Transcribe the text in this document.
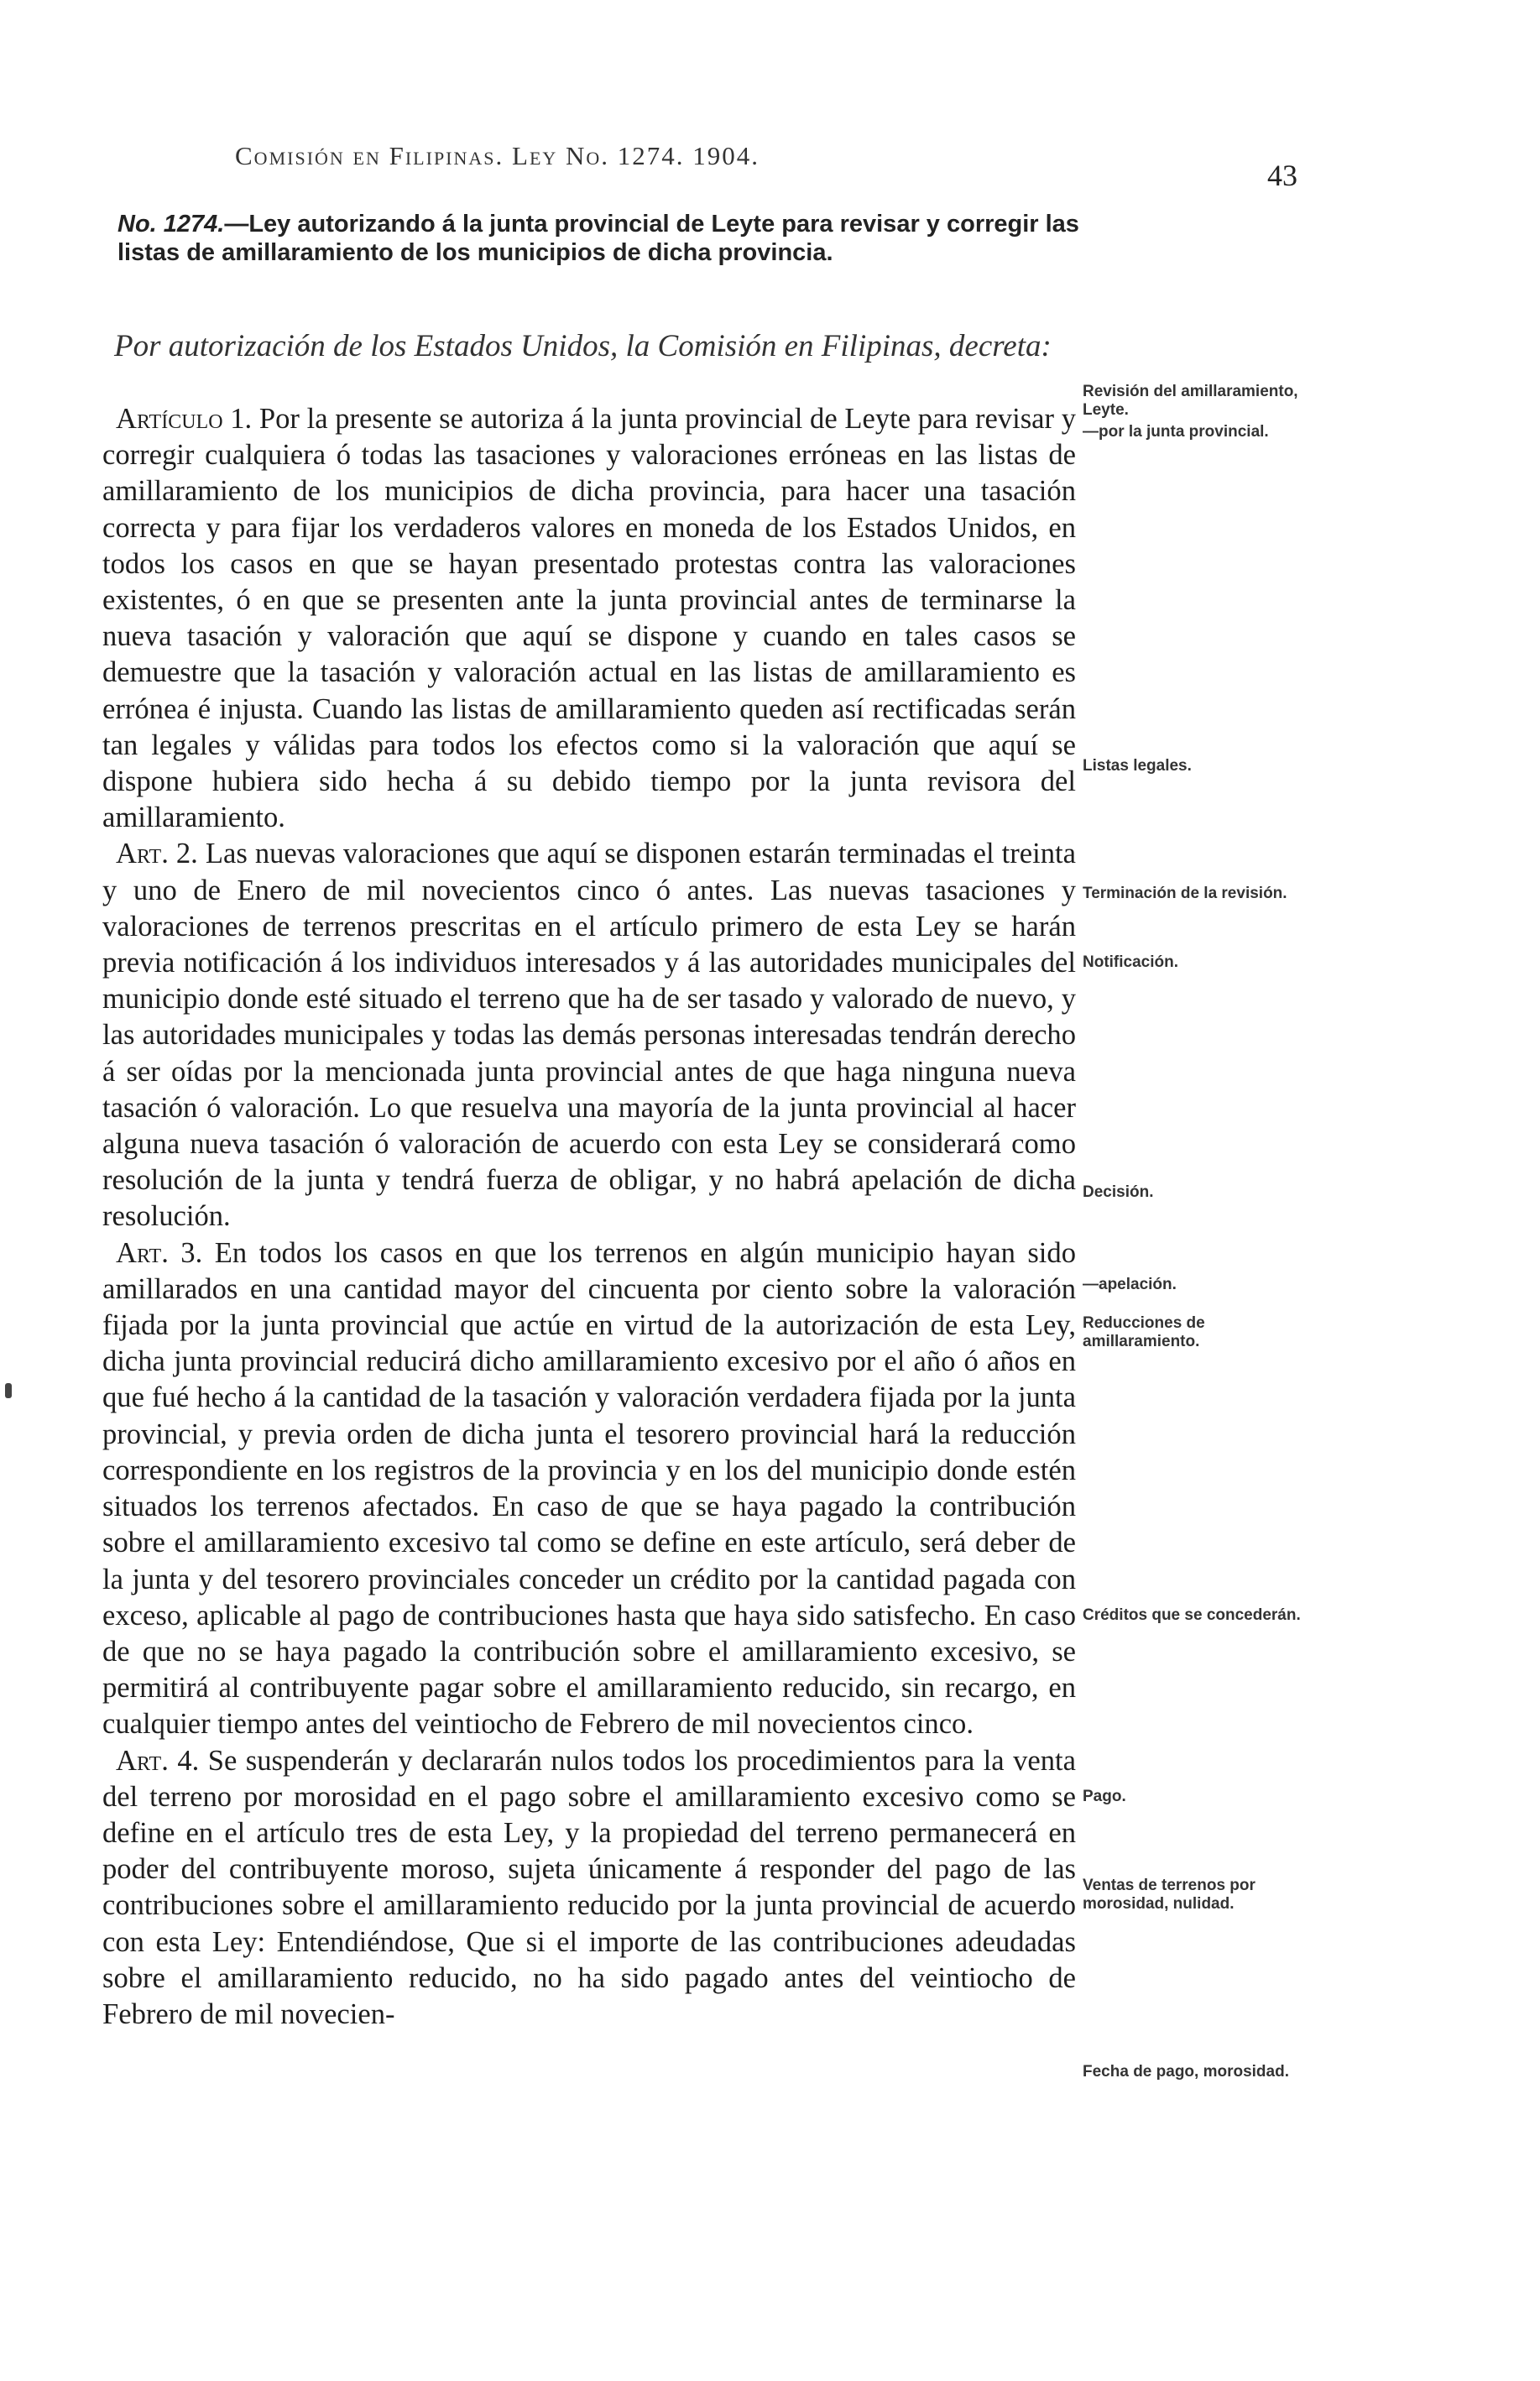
Comisión en Filipinas. Ley No. 1274. 1904.
43
No. 1274.—Ley autorizando á la junta provincial de Leyte para revisar y corregir las listas de amillaramiento de los municipios de dicha provincia.
Por autorización de los Estados Unidos, la Comisión en Filipinas, decreta:

Artículo 1. Por la presente se autoriza á la junta provincial de Leyte para revisar y corregir cualquiera ó todas las tasaciones y valoraciones erróneas en las listas de amillaramiento de los municipios de dicha provincia, para hacer una tasación correcta y para fijar los verdaderos valores en moneda de los Estados Unidos, en todos los casos en que se hayan presentado protestas contra las valoraciones existentes, ó en que se presenten ante la junta provincial antes de terminarse la nueva tasación y valoración que aquí se dispone y cuando en tales casos se demuestre que la tasación y valoración actual en las listas de amillaramiento es errónea é injusta. Cuando las listas de amillaramiento queden así rectificadas serán tan legales y válidas para todos los efectos como si la valoración que aquí se dispone hubiera sido hecha á su debido tiempo por la junta revisora del amillaramiento.

Art. 2. Las nuevas valoraciones que aquí se disponen estarán terminadas el treinta y uno de Enero de mil novecientos cinco ó antes. Las nuevas tasaciones y valoraciones de terrenos prescritas en el artículo primero de esta Ley se harán previa notificación á los individuos interesados y á las autoridades municipales del municipio donde esté situado el terreno que ha de ser tasado y valorado de nuevo, y las autoridades municipales y todas las demás personas interesadas tendrán derecho á ser oídas por la mencionada junta provincial antes de que haga ninguna nueva tasación ó valoración. Lo que resuelva una mayoría de la junta provincial al hacer alguna nueva tasación ó valoración de acuerdo con esta Ley se considerará como resolución de la junta y tendrá fuerza de obligar, y no habrá apelación de dicha resolución.

Art. 3. En todos los casos en que los terrenos en algún municipio hayan sido amillarados en una cantidad mayor del cincuenta por ciento sobre la valoración fijada por la junta provincial que actúe en virtud de la autorización de esta Ley, dicha junta provincial reducirá dicho amillaramiento excesivo por el año ó años en que fué hecho á la cantidad de la tasación y valoración verdadera fijada por la junta provincial, y previa orden de dicha junta el tesorero provincial hará la reducción correspondiente en los registros de la provincia y en los del municipio donde estén situados los terrenos afectados. En caso de que se haya pagado la contribución sobre el amillaramiento excesivo tal como se define en este artículo, será deber de la junta y del tesorero provinciales conceder un crédito por la cantidad pagada con exceso, aplicable al pago de contribuciones hasta que haya sido satisfecho. En caso de que no se haya pagado la contribución sobre el amillaramiento excesivo, se permitirá al contribuyente pagar sobre el amillaramiento reducido, sin recargo, en cualquier tiempo antes del veintiocho de Febrero de mil novecientos cinco.

Art. 4. Se suspenderán y declararán nulos todos los procedimientos para la venta del terreno por morosidad en el pago sobre el amillaramiento excesivo como se define en el artículo tres de esta Ley, y la propiedad del terreno permanecerá en poder del contribuyente moroso, sujeta únicamente á responder del pago de las contribuciones sobre el amillaramiento reducido por la junta provincial de acuerdo con esta Ley: Entendiéndose, Que si el importe de las contribuciones adeudadas sobre el amillaramiento reducido, no ha sido pagado antes del veintiocho de Febrero de mil novecien-

Revisión del amillaramiento, Leyte.
—por la junta provincial.
Listas legales.
Terminación de la revisión.
Notificación.
Decisión.
—apelación.
Reducciones de amillaramiento.
Créditos que se concederán.
Pago.
Ventas de terrenos por morosidad, nulidad.
Fecha de pago, morosidad.
